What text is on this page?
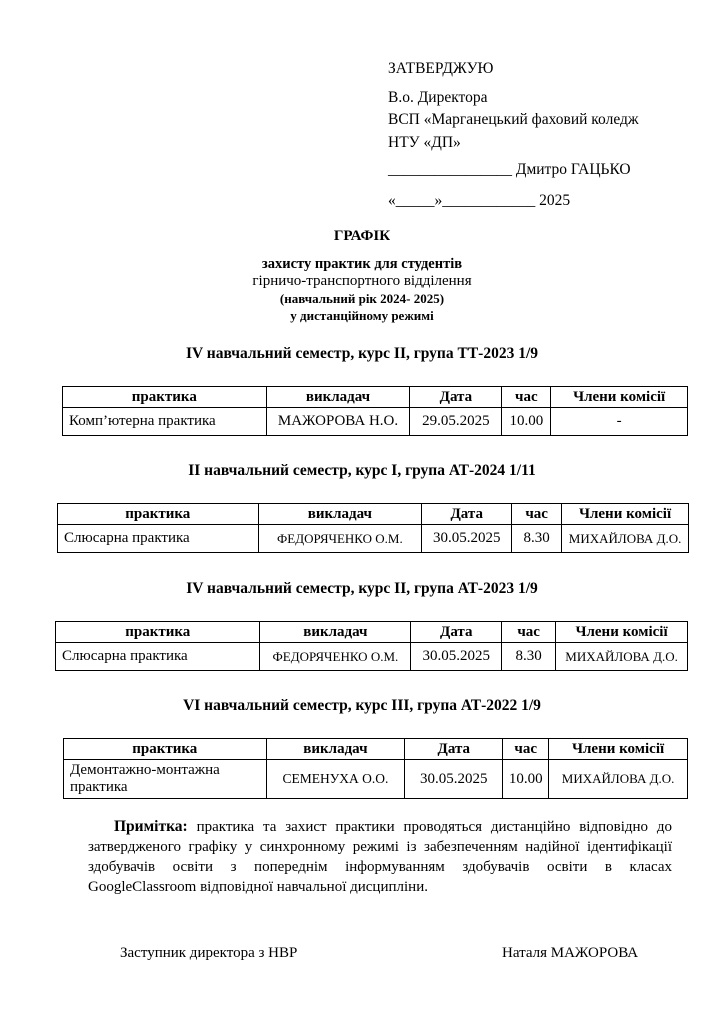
ЗАТВЕРДЖУЮ
В.о. Директора
ВСП «Марганецький фаховий коледж
НТУ «ДП»
________________ Дмитро ГАЦЬКО
«_____»____________ 2025
ГРАФІК
захисту практик для студентів
гірничо-транспортного відділення
(навчальний рік 2024- 2025)
у дистанційному режимі
IV навчальний семестр, курс II, група ТТ-2023 1/9
практика	викладач	Дата	час	Члени комісії
Комп’ютерна практика	МАЖОРОВА Н.О.	29.05.2025	10.00	-
II навчальний семестр, курс I, група АТ-2024 1/11
практика	викладач	Дата	час	Члени комісії
Слюсарна практика	ФЕДОРЯЧЕНКО О.М.	30.05.2025	8.30	МИХАЙЛОВА Д.О.
IV навчальний семестр, курс II, група АТ-2023 1/9
практика	викладач	Дата	час	Члени комісії
Слюсарна практика	ФЕДОРЯЧЕНКО О.М.	30.05.2025	8.30	МИХАЙЛОВА Д.О.
VI навчальний семестр, курс III, група АТ-2022 1/9
практика	викладач	Дата	час	Члени комісії

Демонтажно-монтажна
практика	СЕМЕНУХА О.О.	30.05.2025	10.00	МИХАЙЛОВА Д.О.
Примітка: практика та захист практики проводяться дистанційно відповідно до затвердженого графіку у синхронному режимі із забезпеченням надійної ідентифікації здобувачів освіти з попереднім інформуванням здобувачів освіти в класах GoogleClassroom відповідної навчальної дисципліни.
Заступник директора з НВР	Наталя МАЖОРОВА
